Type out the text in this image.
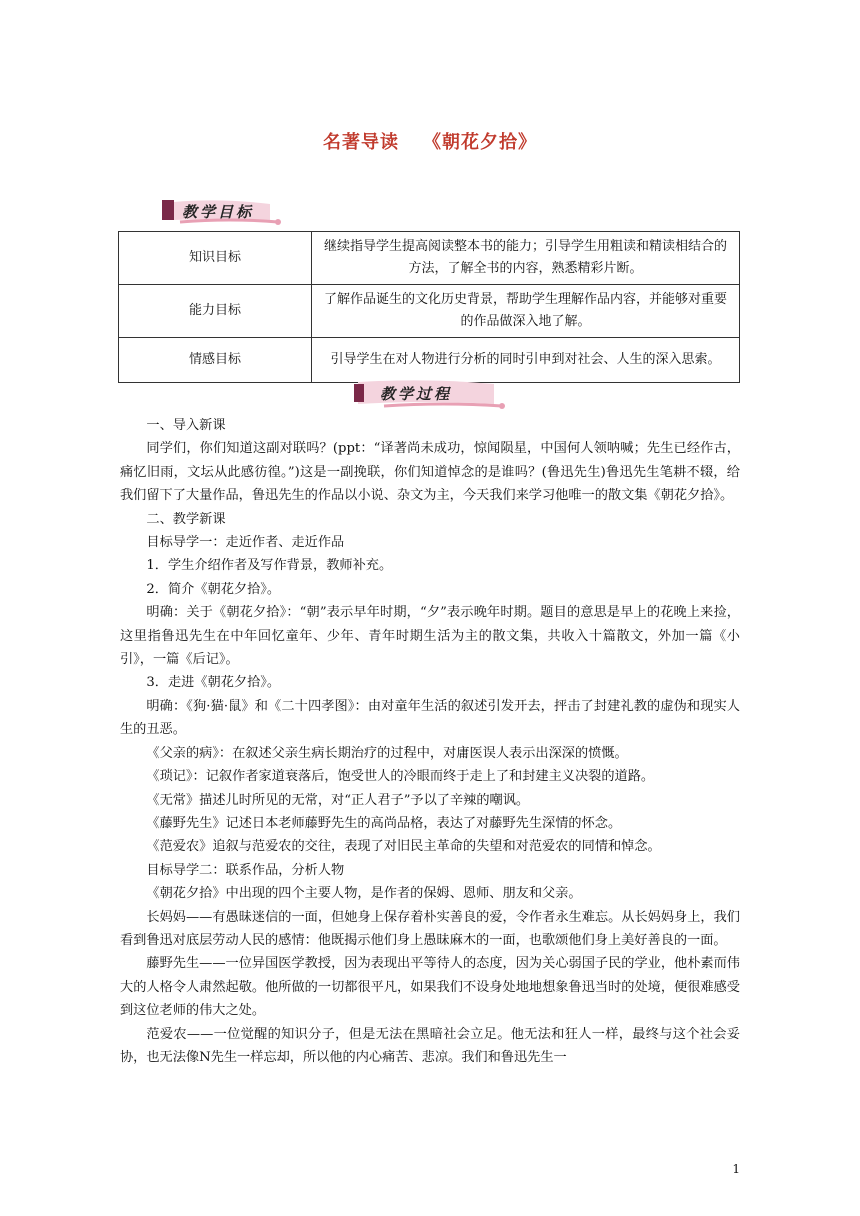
名著导读 《朝花夕拾》
教学目标
知识目标	继续指导学生提高阅读整本书的能力；引导学生用粗读和精读相结合的方法，了解全书的内容，熟悉精彩片断。
能力目标	了解作品诞生的文化历史背景，帮助学生理解作品内容，并能够对重要的作品做深入地了解。
情感目标	引导学生在对人物进行分析的同时引申到对社会、人生的深入思索。
教学过程

一、导入新课

同学们，你们知道这副对联吗？(ppt：“译著尚未成功，惊闻陨星，中国何人领呐喊；先生已经作古，痛忆旧雨，文坛从此感彷徨。”)这是一副挽联，你们知道悼念的是谁吗？(鲁迅先生)鲁迅先生笔耕不辍，给我们留下了大量作品，鲁迅先生的作品以小说、杂文为主，今天我们来学习他唯一的散文集《朝花夕拾》。

二、教学新课

目标导学一：走近作者、走近作品

1．学生介绍作者及写作背景，教师补充。

2．简介《朝花夕拾》。

明确：关于《朝花夕拾》：“朝”表示早年时期，“夕”表示晚年时期。题目的意思是早上的花晚上来捡，这里指鲁迅先生在中年回忆童年、少年、青年时期生活为主的散文集，共收入十篇散文，外加一篇《小引》，一篇《后记》。

3．走进《朝花夕拾》。

明确：《狗·猫·鼠》和《二十四孝图》：由对童年生活的叙述引发开去，抨击了封建礼教的虚伪和现实人生的丑恶。

《父亲的病》：在叙述父亲生病长期治疗的过程中，对庸医误人表示出深深的愤慨。

《琐记》：记叙作者家道衰落后，饱受世人的冷眼而终于走上了和封建主义决裂的道路。

《无常》描述儿时所见的无常，对“正人君子”予以了辛辣的嘲讽。

《藤野先生》记述日本老师藤野先生的高尚品格，表达了对藤野先生深情的怀念。

《范爱农》追叙与范爱农的交往，表现了对旧民主革命的失望和对范爱农的同情和悼念。

目标导学二：联系作品，分析人物

《朝花夕拾》中出现的四个主要人物，是作者的保姆、恩师、朋友和父亲。

长妈妈——有愚昧迷信的一面，但她身上保存着朴实善良的爱，令作者永生难忘。从长妈妈身上，我们看到鲁迅对底层劳动人民的感情：他既揭示他们身上愚昧麻木的一面，也歌颂他们身上美好善良的一面。

藤野先生——一位异国医学教授，因为表现出平等待人的态度，因为关心弱国子民的学业，他朴素而伟大的人格令人肃然起敬。他所做的一切都很平凡，如果我们不设身处地地想象鲁迅当时的处境，便很难感受到这位老师的伟大之处。

范爱农——一位觉醒的知识分子，但是无法在黑暗社会立足。他无法和狂人一样，最终与这个社会妥协，也无法像N先生一样忘却，所以他的内心痛苦、悲凉。我们和鲁迅先生一

1
